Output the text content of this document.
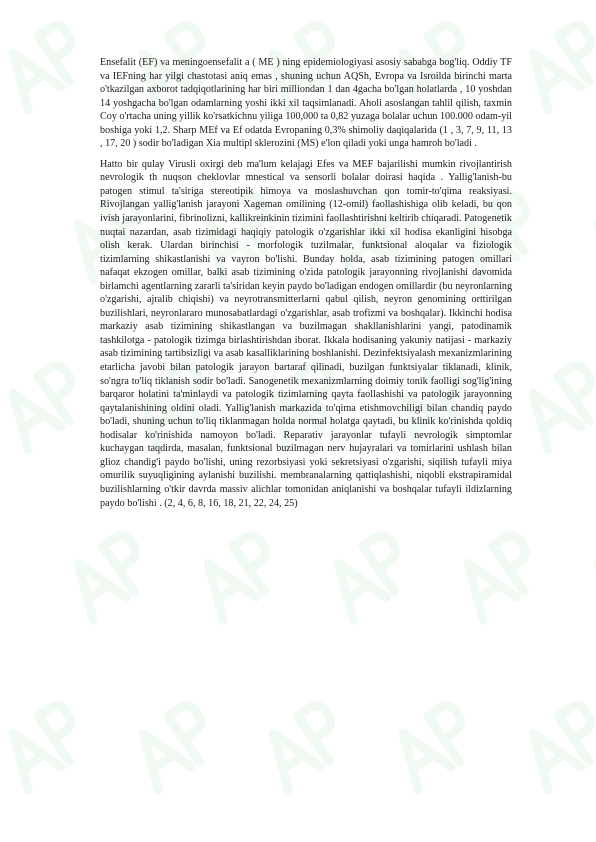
Ensefalit (EF) va meningoensefalit a ( ME ) ning epidemiologiyasi asosiy sababga bog'liq. Oddiy TF va IEFning har yilgi chastotasi aniq emas , shuning uchun AQSh, Evropa va Isroilda birinchi marta o'tkazilgan axborot tadqiqotlarining har biri milliondan 1 dan 4gacha bo'lgan holatlarda , 10 yoshdan 14 yoshgacha bo'lgan odamlarning yoshi ikki xil taqsimlanadi. Aholi asoslangan tahlil qilish, taxmin Coy o'rtacha uning yillik ko'rsatkichnu yiliga 100,000 ta 0,82 yuzaga bolalar uchun 100.000 odam-yil boshiga yoki 1,2. Sharp MEf va Ef odatda Evropaning 0,3% shimoliy daqiqalarida (1 , 3, 7, 9, 11, 13 , 17, 20 ) sodir bo'ladigan Xia multipl sklerozini (MS) e'lon qiladi yoki unga hamroh bo'ladi .

Hatto bir qulay Virusli oxirgi deb ma'lum kelajagi Efes va MEF bajarilishi mumkin rivojlantirish nevrologik th nuqson cheklovlar mnestical va sensorli bolalar doirasi haqida . Yallig'lanish-bu patogen stimul ta'siriga stereotipik himoya va moslashuvchan qon tomir-to'qima reaksiyasi. Rivojlangan yallig'lanish jarayoni Xageman omilining (12-omil) faollashishiga olib keladi, bu qon ivish jarayonlarini, fibrinolizni, kallikreinkinin tizimini faollashtirishni keltirib chiqaradi. Patogenetik nuqtai nazardan, asab tizimidagi haqiqiy patologik o'zgarishlar ikki xil hodisa ekanligini hisobga olish kerak. Ulardan birinchisi - morfologik tuzilmalar, funktsional aloqalar va fiziologik tizimlarning shikastlanishi va vayron bo'lishi. Bunday holda, asab tizimining patogen omillari nafaqat ekzogen omillar, balki asab tizimining o'zida patologik jarayonning rivojlanishi davomida birlamchi agentlarning zararli ta'siridan keyin paydo bo'ladigan endogen omillardir (bu neyronlarning o'zgarishi, ajralib chiqishi) va neyrotransmitterlarni qabul qilish, neyron genomining orttirilgan buzilishlari, neyronlararo munosabatlardagi o'zgarishlar, asab trofizmi va boshqalar). Ikkinchi hodisa markaziy asab tizimining shikastlangan va buzilmagan shakllanishlarini yangi, patodinamik tashkilotga - patologik tizimga birlashtirishdan iborat. Ikkala hodisaning yakuniy natijasi - markaziy asab tizimining tartibsizligi va asab kasalliklarining boshlanishi. Dezinfektsiyalash mexanizmlarining etarlicha javobi bilan patologik jarayon bartaraf qilinadi, buzilgan funktsiyalar tiklanadi, klinik, so'ngra to'liq tiklanish sodir bo'ladi. Sanogenetik mexanizmlarning doimiy tonik faolligi sog'lig'ining barqaror holatini ta'minlaydi va patologik tizimlarning qayta faollashishi va patologik jarayonning qaytalanishining oldini oladi. Yallig'lanish markazida to'qima etishmovchiligi bilan chandiq paydo bo'ladi, shuning uchun to'liq tiklanmagan holda normal holatga qaytadi, bu klinik ko'rinishda qoldiq hodisalar ko'rinishida namoyon bo'ladi. Reparativ jarayonlar tufayli nevrologik simptomlar kuchaygan taqdirda, masalan, funktsional buzilmagan nerv hujayralari va tomirlarini ushlash bilan glioz chandig'i paydo bo'lishi, uning rezorbsiyasi yoki sekretsiyasi o'zgarishi, siqilish tufayli miya omurilik suyuqligining aylanishi buzilishi. membranalarning qattiqlashishi, niqobli ekstrapiramidal buzilishlarning o'tkir davrda massiv alichlar tomonidan aniqlanishi va boshqalar tufayli ildizlarning paydo bo'lishi . (2, 4, 6, 8, 16, 18, 21, 22, 24, 25)
